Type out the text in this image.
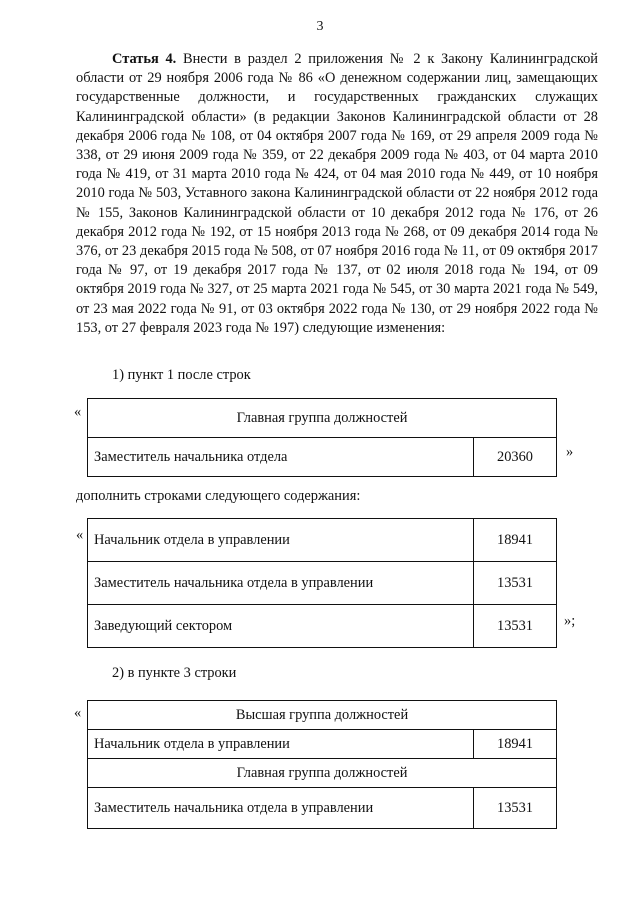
3

Статья 4. Внести в раздел 2 приложения № 2 к Закону Калининградской области от 29 ноября 2006 года № 86 «О денежном содержании лиц, замещающих государственные должности, и государственных гражданских служащих Калининградской области» (в редакции Законов Калининградской области от 28 декабря 2006 года № 108, от 04 октября 2007 года № 169, от 29 апреля 2009 года № 338, от 29 июня 2009 года № 359, от 22 декабря 2009 года № 403, от 04 марта 2010 года № 419, от 31 марта 2010 года № 424, от 04 мая 2010 года № 449, от 10 ноября 2010 года № 503, Уставного закона Калининградской области от 22 ноября 2012 года № 155, Законов Калининградской области от 10 декабря 2012 года № 176, от 26 декабря 2012 года № 192, от 15 ноября 2013 года № 268, от 09 декабря 2014 года № 376, от 23 декабря 2015 года № 508, от 07 ноября 2016 года № 11, от 09 октября 2017 года № 97, от 19 декабря 2017 года № 137, от 02 июля 2018 года № 194, от 09 октября 2019 года № 327, от 25 марта 2021 года № 545, от 30 марта 2021 года № 549, от 23 мая 2022 года № 91, от 03 октября 2022 года № 130, от 29 ноября 2022 года № 153, от 27 февраля 2023 года № 197) следующие изменения:

1) пункт 1 после строк

«	Главная группа должностей
Заместитель начальника отдела	20360 »

дополнить строками следующего содержания:

« Начальник отдела в управлении	18941
Заместитель начальника отдела в управлении	13531
Заведующий сектором	13531 »;

2) в пункте 3 строки

«	Высшая группа должностей	
Начальник отдела в управлении	18941
Главная группа должностей	
Заместитель начальника отдела в управлении	13531
